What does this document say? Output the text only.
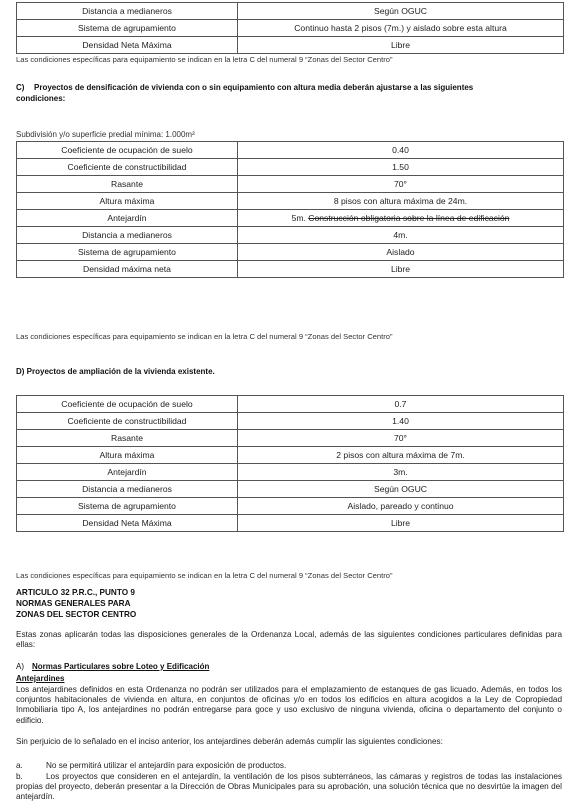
Distancia a medianeros	Según OGUC
Sistema de agrupamiento	Continuo hasta 2 pisos (7m.) y aislado sobre esta altura
Densidad Neta Máxima	Libre
Las condiciones específicas para equipamiento se indican en la letra C del numeral 9 “Zonas del Sector Centro”
C) Proyectos de densificación de vivienda con o sin equipamiento con altura media deberán ajustarse a las siguientes
condiciones:
Subdivisión y/o superficie predial mínima: 1.000m²
Coeficiente de ocupación de suelo	0.40
Coeficiente de constructibilidad	1.50
Rasante	70°
Altura máxima	8 pisos con altura máxima de 24m.
Antejardín	5m. Construcción obligatoria sobre la línea de edificación
Distancia a medianeros	4m.
Sistema de agrupamiento	Aislado
Densidad máxima neta	Libre
Las condiciones específicas para equipamiento se indican en la letra C del numeral 9 “Zonas del Sector Centro”
D) Proyectos de ampliación de la vivienda existente.
Coeficiente de ocupación de suelo	0.7
Coeficiente de constructibilidad	1.40
Rasante	70°
Altura máxima	2 pisos con altura máxima de 7m.
Antejardín	3m.
Distancia a medianeros	Según OGUC
Sistema de agrupamiento	Aislado, pareado y continuo
Densidad Neta Máxima	Libre
Las condiciones específicas para equipamiento se indican en la letra C del numeral 9 “Zonas del Sector Centro”
ARTICULO 32 P.R.C., PUNTO 9
NORMAS GENERALES PARA
ZONAS DEL SECTOR CENTRO
Estas zonas aplicarán todas las disposiciones generales de la Ordenanza Local, además de las siguientes condiciones particulares definidas para ellas:
A) Normas Particulares sobre Loteo y Edificación
Antejardines
Los antejardines definidos en esta Ordenanza no podrán ser utilizados para el emplazamiento de estanques de gas licuado. Además, en todos los conjuntos habitacionales de vivienda en altura, en conjuntos de oficinas y/o en todos los edificios en altura acogidos a la Ley de Copropiedad Inmobiliaria tipo A, los antejardines no podrán entregarse para goce y uso exclusivo de ninguna vivienda, oficina o departamento del conjunto o edificio.
Sin perjuicio de lo señalado en el inciso anterior, los antejardines deberán además cumplir las siguientes condiciones:
a.	No se permitirá utilizar el antejardín para exposición de productos.
b.	Los proyectos que consideren en el antejardín, la ventilación de los pisos subterráneos, las cámaras y registros de todas las instalaciones propias del proyecto, deberán presentar a la Dirección de Obras Municipales para su aprobación, una solución técnica que no desvirtúe la imagen del antejardín.
